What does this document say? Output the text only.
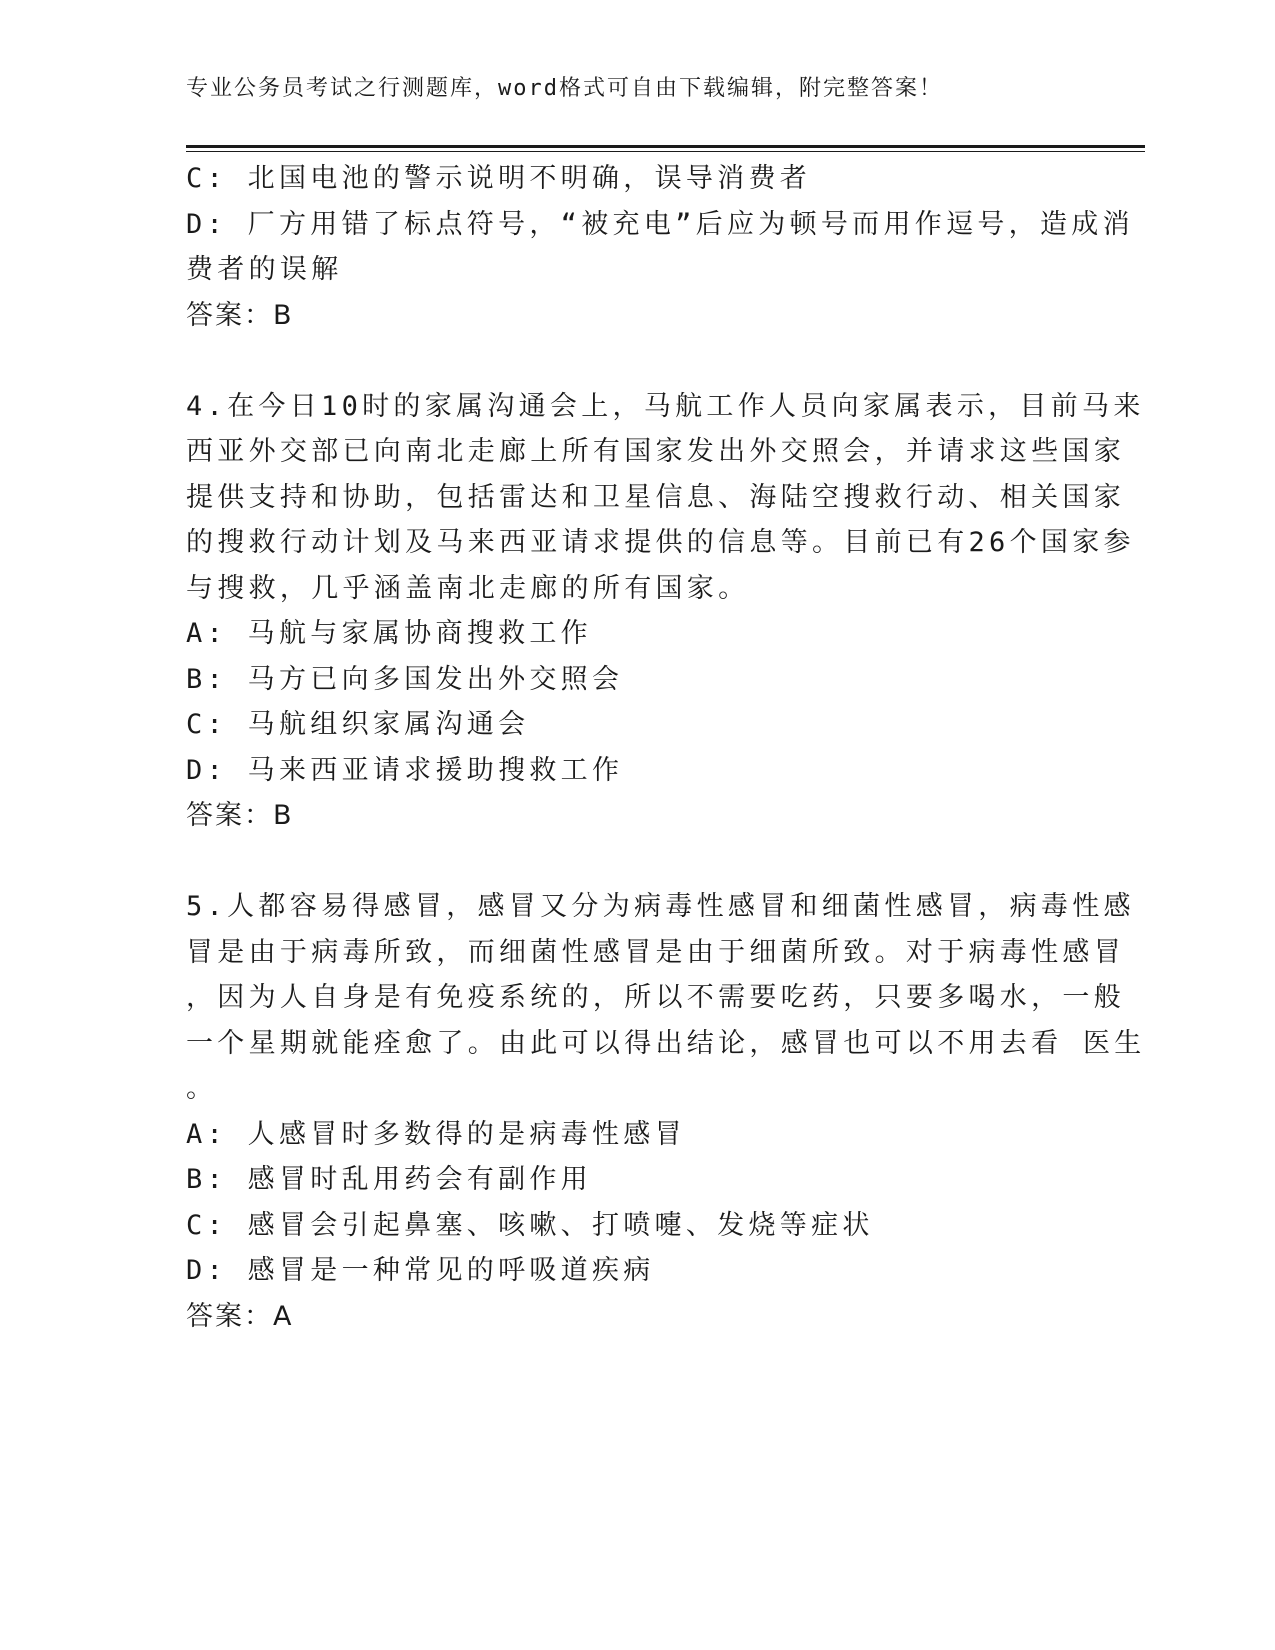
专业公务员考试之行测题库，word格式可自由下载编辑，附完整答案！
C: 北国电池的警示说明不明确，误导消费者
D: 厂方用错了标点符号，“被充电”后应为顿号而用作逗号，造成消
费者的误解
答案：B
4.在今日10时的家属沟通会上，马航工作人员向家属表示，目前马来
西亚外交部已向南北走廊上所有国家发出外交照会，并请求这些国家
提供支持和协助，包括雷达和卫星信息、海陆空搜救行动、相关国家
的搜救行动计划及马来西亚请求提供的信息等。目前已有26个国家参
与搜救，几乎涵盖南北走廊的所有国家。
A: 马航与家属协商搜救工作
B: 马方已向多国发出外交照会
C: 马航组织家属沟通会
D: 马来西亚请求援助搜救工作
答案：B
5.人都容易得感冒，感冒又分为病毒性感冒和细菌性感冒，病毒性感
冒是由于病毒所致，而细菌性感冒是由于细菌所致。对于病毒性感冒
，因为人自身是有免疫系统的，所以不需要吃药，只要多喝水，一般
一个星期就能痊愈了。由此可以得出结论，感冒也可以不用去看 医生
。
A: 人感冒时多数得的是病毒性感冒
B: 感冒时乱用药会有副作用
C: 感冒会引起鼻塞、咳嗽、打喷嚏、发烧等症状
D: 感冒是一种常见的呼吸道疾病
答案：A
